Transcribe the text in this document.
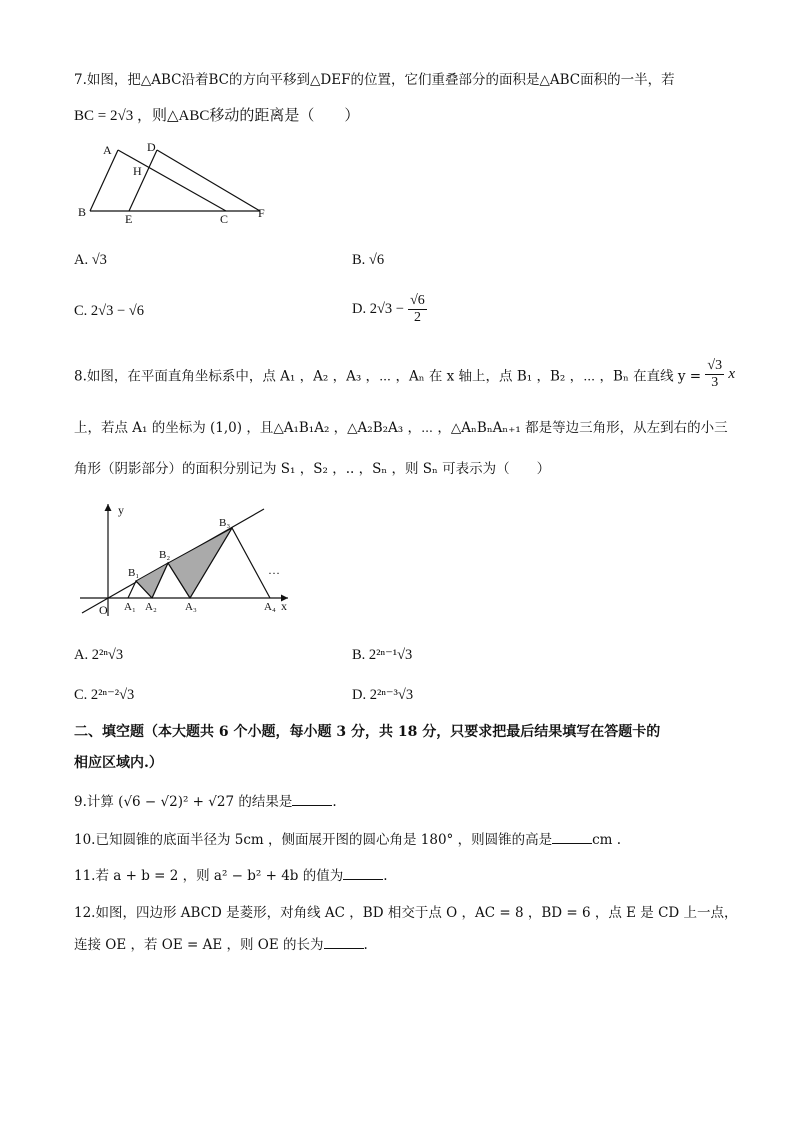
7.如图，把△ABC沿着BC的方向平移到△DEF的位置，它们重叠部分的面积是△ABC面积的一半，若
BC = 2√3 ，则△ABC移动的距离是（　　）
A	D
H
B	E	C F
A. √3	B. √6
C. 2√3 − √6	D. $2√3 - \frac{√6}{2}$
8.如图，在平面直角坐标系中，点 A₁ ，A₂ ，A₃ ，⋯ ，Aₙ 在 x 轴上，点 B₁ ，B₂ ，⋯ ，Bₙ 在直线 $y = \frac{√3}{3}$ x
上，若点 A₁ 的坐标为 (1,0) ，且△A₁B₁A₂ ，△A₂B₂A₃ ，⋯ ，△AₙBₙAₙ₊₁ 都是等边三角形，从左到右的小三
角形（阴影部分）的面积分别记为 S₁ ，S₂ ，.. ，Sₙ ，则 Sₙ 可表示为（　　）
y
O A₁ A₂	A₃	A₄ x
B₁
B₂
B₃
…
A. 2²ⁿ√3	B. 2²ⁿ⁻¹√3
C. 2²ⁿ⁻²√3	D. 2²ⁿ⁻³√3
二、填空题（本大题共 6 个小题，每小题 3 分，共 18 分，只要求把最后结果填写在答题卡的
相应区域内.）
9.计算 (√6 − √2)² + √27 的结果是	.
10.已知圆锥的底面半径为 5cm ，侧面展开图的圆心角是 180° ，则圆锥的高是	cm .
11.若 a + b = 2 ，则 a² − b² + 4b 的值为	.
12.如图，四边形 ABCD 是菱形，对角线 AC ，BD 相交于点 O ，AC = 8 ，BD = 6 ，点 E 是 CD 上一点，
连接 OE ，若 OE = AE ，则 OE 的长为	.
